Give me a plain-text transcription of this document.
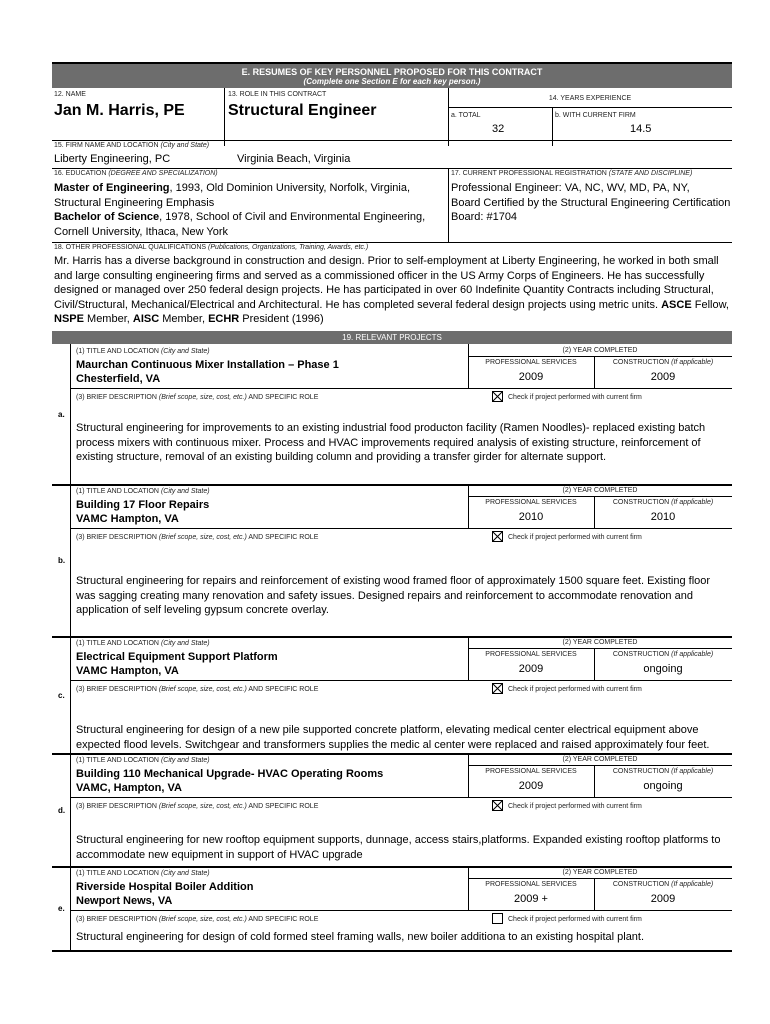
E. RESUMES OF KEY PERSONNEL PROPOSED FOR THIS CONTRACT
(Complete one Section E for each key person.)
12. NAME
Jan M. Harris, PE
13. ROLE IN THIS CONTRACT
Structural Engineer
14. YEARS EXPERIENCE
a. TOTAL
32
b. WITH CURRENT FIRM
14.5
15. FIRM NAME AND LOCATION (City and State)
Liberty Engineering, PC	Virginia Beach, Virginia
16. EDUCATION (DEGREE AND SPECIALIZATION)	17. CURRENT PROFESSIONAL REGISTRATION (STATE AND DISCIPLINE)
Master of Engineering, 1993, Old Dominion University, Norfolk, Virginia, Structural Engineering Emphasis
Bachelor of Science, 1978, School of Civil and Environmental Engineering, Cornell University, Ithaca, New York
Professional Engineer: VA, NC, WV, MD, PA, NY,
Board Certified by the Structural Engineering Certification Board: #1704
18. OTHER PROFESSIONAL QUALIFICATIONS (Publications, Organizations, Training, Awards, etc.)
Mr. Harris has a diverse background in construction and design. Prior to self-employment at Liberty Engineering, he worked in both small and large consulting engineering firms and served as a commissioned officer in the US Army Corps of Engineers. He has successfully designed or managed over 250 federal design projects. He has participated in over 60 Indefinite Quantity Contracts including Structural, Civil/Structural, Mechanical/Electrical and Architectural. He has completed several federal design projects using metric units. ASCE Fellow, NSPE Member, AISC Member, ECHR President (1996)
19. RELEVANT PROJECTS
a.
(1) TITLE AND LOCATION (City and State)
Maurchan Continuous Mixer Installation – Phase 1
Chesterfield, VA
(2) YEAR COMPLETED
PROFESSIONAL SERVICES
2009
CONSTRUCTION (If applicable)
2009
(3) BRIEF DESCRIPTION (Brief scope, size, cost, etc.) AND SPECIFIC ROLE	Check if project performed with current firm
Structural engineering for improvements to an existing industrial food producton facility (Ramen Noodles)- replaced existing batch process mixers with continuous mixer. Process and HVAC improvements required analysis of existing structure, reinforcement of existing structure, removal of an existing building column and providing a transfer girder for alternate support.
b.
(1) TITLE AND LOCATION (City and State)
Building 17 Floor Repairs
VAMC Hampton, VA
(2) YEAR COMPLETED
PROFESSIONAL SERVICES
2010
CONSTRUCTION (If applicable)
2010
(3) BRIEF DESCRIPTION (Brief scope, size, cost, etc.) AND SPECIFIC ROLE	Check if project performed with current firm
Structural engineering for repairs and reinforcement of existing wood framed floor of approximately 1500 square feet. Existing floor was sagging creating many renovation and safety issues. Designed repairs and reinforcement to accommodate renovation and application of self leveling gypsum concrete overlay.
c.
(1) TITLE AND LOCATION (City and State)
Electrical Equipment Support Platform
VAMC Hampton, VA
(2) YEAR COMPLETED
PROFESSIONAL SERVICES
2009
CONSTRUCTION (If applicable)
ongoing
(3) BRIEF DESCRIPTION (Brief scope, size, cost, etc.) AND SPECIFIC ROLE	Check if project performed with current firm
Structural engineering for design of a new pile supported concrete platform, elevating medical center electrical equipment above expected flood levels. Switchgear and transformers supplies the medic al center were replaced and raised approximately four feet.
d.
(1) TITLE AND LOCATION (City and State)
Building 110 Mechanical Upgrade- HVAC Operating Rooms
VAMC, Hampton, VA
(2) YEAR COMPLETED
PROFESSIONAL SERVICES
2009
CONSTRUCTION (If applicable)
ongoing
(3) BRIEF DESCRIPTION (Brief scope, size, cost, etc.) AND SPECIFIC ROLE	Check if project performed with current firm
Structural engineering for new rooftop equipment supports, dunnage, access stairs,platforms. Expanded existing rooftop platforms to accommodate new equipment in support of HVAC upgrade
e.
(1) TITLE AND LOCATION (City and State)
Riverside Hospital Boiler Addition
Newport News, VA
(2) YEAR COMPLETED
PROFESSIONAL SERVICES
2009 +
CONSTRUCTION (If applicable)
2009
(3) BRIEF DESCRIPTION (Brief scope, size, cost, etc.) AND SPECIFIC ROLE	Check if project performed with current firm
Structural engineering for design of cold formed steel framing walls, new boiler additiona to an existing hospital plant.
